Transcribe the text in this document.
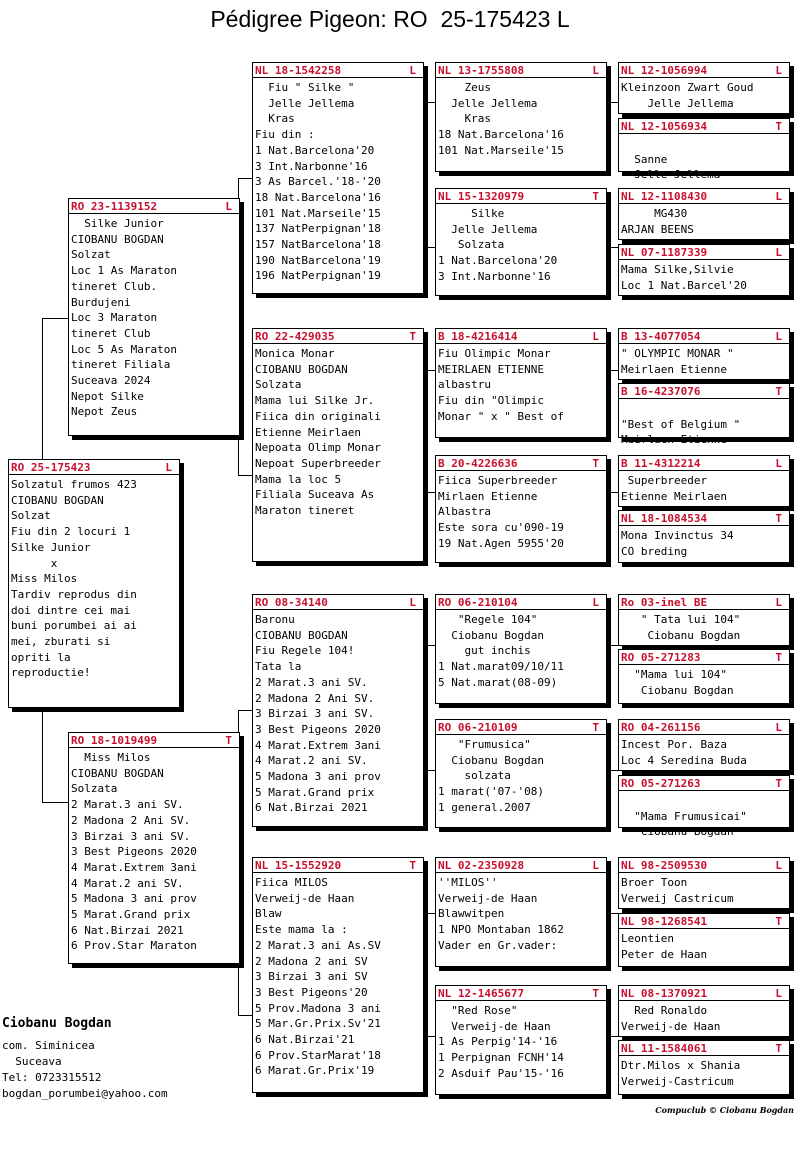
Pédigree Pigeon: RO  25-175423 L
RO 25-175423	L
Solzatul frumos 423
CIOBANU BOGDAN
Solzat
Fiu din 2 locuri 1
Silke Junior
x
Miss Milos
Tardiv reprodus din
doi dintre cei mai
buni porumbei ai ai
mei, zburati si
opriti la
reproductie!
RO 23-1139152	L
Silke Junior
CIOBANU BOGDAN
Solzat
Loc 1 As Maraton
tineret Club.
Burdujeni
Loc 3 Maraton
tineret Club
Loc 5 As Maraton
tineret Filiala
Suceava 2024
Nepot Silke
Nepot Zeus
RO 18-1019499	T
Miss Milos
CIOBANU BOGDAN
Solzata
2 Marat.3 ani SV.
2 Madona 2 Ani SV.
3 Birzai 3 ani SV.
3 Best Pigeons 2020
4 Marat.Extrem 3ani
4 Marat.2 ani SV.
5 Madona 3 ani prov
5 Marat.Grand prix
6 Nat.Birzai 2021
6 Prov.Star Maraton
NL 18-1542258	L
Fiu " Silke "
Jelle Jellema
Kras
Fiu din :
1 Nat.Barcelona'20
3 Int.Narbonne'16
3 As Barcel.'18-'20
18 Nat.Barcelona'16
101 Nat.Marseile'15
137 NatPerpignan'18
157 NatBarcelona'18
190 NatBarcelona'19
196 NatPerpignan'19
RO 22-429035	T
Monica Monar
CIOBANU BOGDAN
Solzata
Mama lui Silke Jr.
Fiica din originali
Etienne Meirlaen
Nepoata Olimp Monar
Nepoat Superbreeder
Mama la loc 5
Filiala Suceava As
Maraton tineret
RO 08-34140	L
Baronu
CIOBANU BOGDAN
Fiu Regele 104!
Tata la
2 Marat.3 ani SV.
2 Madona 2 Ani SV.
3 Birzai 3 ani SV.
3 Best Pigeons 2020
4 Marat.Extrem 3ani
4 Marat.2 ani SV.
5 Madona 3 ani prov
5 Marat.Grand prix
6 Nat.Birzai 2021
NL 15-1552920	T
Fiica MILOS
Verweij-de Haan
Blaw
Este mama la :
2 Marat.3 ani As.SV
2 Madona 2 ani SV
3 Birzai 3 ani SV
3 Best Pigeons'20
5 Prov.Madona 3 ani
5 Mar.Gr.Prix.Sv'21
6 Nat.Birzai'21
6 Prov.StarMarat'18
6 Marat.Gr.Prix'19
NL 13-1755808	L
Zeus
Jelle Jellema
Kras
18 Nat.Barcelona'16
101 Nat.Marseile'15
NL 15-1320979	T
Silke
Jelle Jellema
Solzata
1 Nat.Barcelona'20
3 Int.Narbonne'16
B 18-4216414	L
Fiu Olimpic Monar
MEIRLAEN ETIENNE
albastru
Fiu din "Olimpic
Monar " x " Best of
B 20-4226636	T
Fiica Superbreeder
Mirlaen Etienne
Albastra
Este sora cu'090-19
19 Nat.Agen 5955'20
RO 06-210104	L
"Regele 104"
Ciobanu Bogdan
gut inchis
1 Nat.marat09/10/11
5 Nat.marat(08-09)
RO 06-210109	T
"Frumusica"
Ciobanu Bogdan
solzata
1 marat('07-'08)
1 general.2007
NL 02-2350928	L
''MILOS''
Verweij-de Haan
Blawwitpen
1 NPO Montaban 1862
Vader en Gr.vader:
NL 12-1465677	T
"Red Rose"
Verweij-de Haan
1 As Perpig'14-'16
1 Perpignan FCNH'14
2 Asduif Pau'15-'16
NL 12-1056994	L
Kleinzoon Zwart Goud
Jelle Jellema
NL 12-1056934	T
Sanne
Jelle Jellema
NL 12-1108430	L
MG430
ARJAN BEENS
NL 07-1187339	L
Mama Silke,Silvie
Loc 1 Nat.Barcel'20
B 13-4077054	L
" OLYMPIC MONAR "
Meirlaen Etienne
B 16-4237076	T
"Best of Belgium "
Meirlaen Etienne
B 11-4312214	L
Superbreeder
Etienne Meirlaen
NL 18-1084534	T
Mona Invinctus 34
CO breding
Ro 03-inel BE	L
" Tata lui 104"
Ciobanu Bogdan
RO 05-271283	T
"Mama lui 104"
Ciobanu Bogdan
RO 04-261156	L
Incest Por. Baza
Loc 4 Seredina Buda
RO 05-271263	T
"Mama Frumusicai"
Ciobanu Bogdan
NL 98-2509530	L
Broer Toon
Verweij Castricum
NL 98-1268541	T
Leontien
Peter de Haan
NL 08-1370921	L
Red Ronaldo
Verweij-de Haan
NL 11-1584061	T
Dtr.Milos x Shania
Verweij-Castricum
Ciobanu Bogdan
com. Siminicea
Suceava
Tel: 0723315512
bogdan_porumbei@yahoo.com
Compuclub © Ciobanu Bogdan
